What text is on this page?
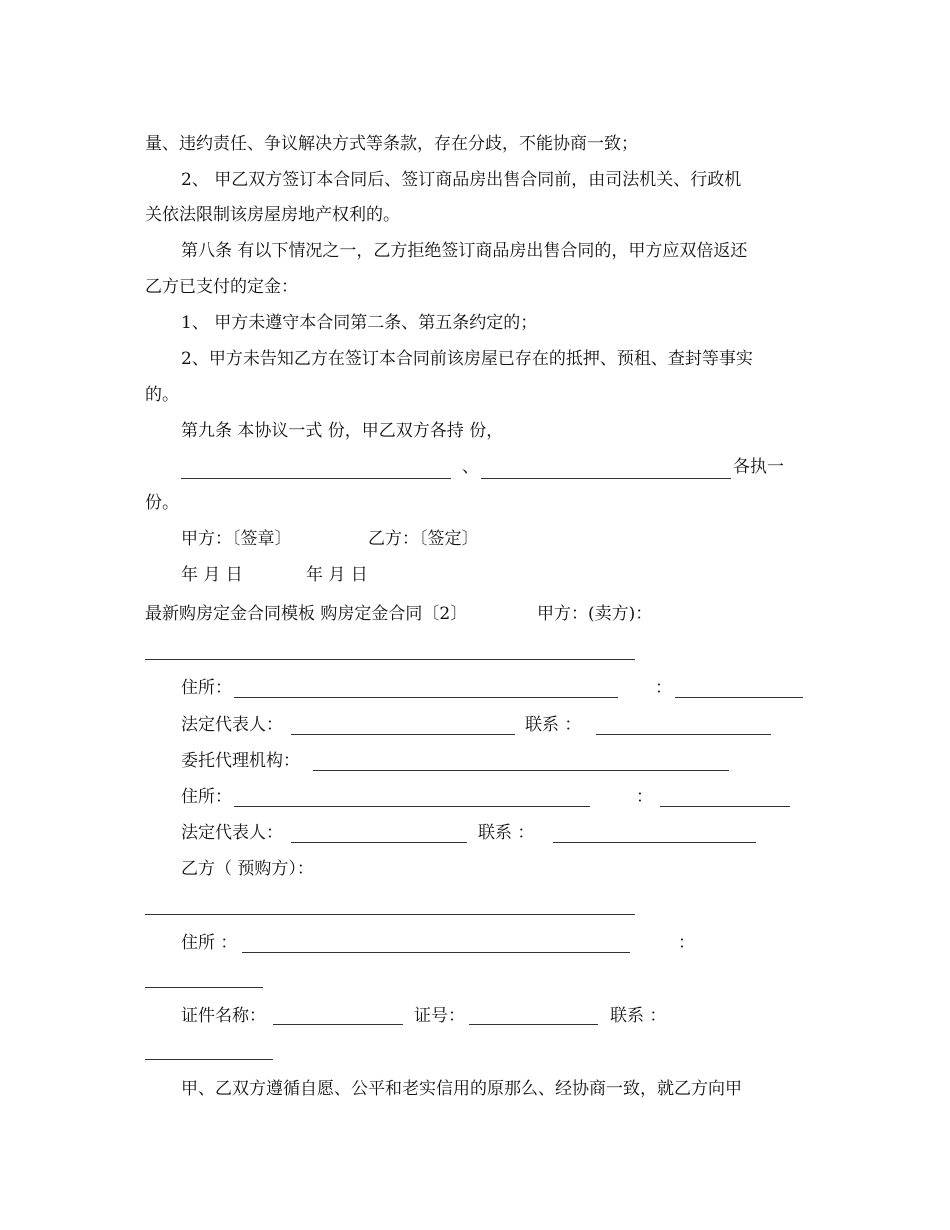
量、违约责任、争议解决方式等条款，存在分歧，不能协商一致；
2、 甲乙双方签订本合同后、签订商品房出售合同前，由司法机关、行政机
关依法限制该房屋房地产权利的。
第八条 有以下情况之一，乙方拒绝签订商品房出售合同的，甲方应双倍返还
乙方已支付的定金：
1、 甲方未遵守本合同第二条、第五条约定的；
2、甲方未告知乙方在签订本合同前该房屋已存在的抵押、预租、查封等事实
的。
第九条 本协议一式 份，甲乙双方各持 份，
、	各执一
份。
甲方：〔签章〕	乙方：〔签定〕
年 月 日	年 月 日
最新购房定金合同模板 购房定金合同〔2〕	甲方：(卖方)：
住所：	：
法定代表人：	联系 ：
委托代理机构：
住所：	：
法定代表人：	联系 ：
乙方（ 预购方）：
住所 ：	：
证件名称：	证号：	联系 ：
甲、乙双方遵循自愿、公平和老实信用的原那么、经协商一致，就乙方向甲
